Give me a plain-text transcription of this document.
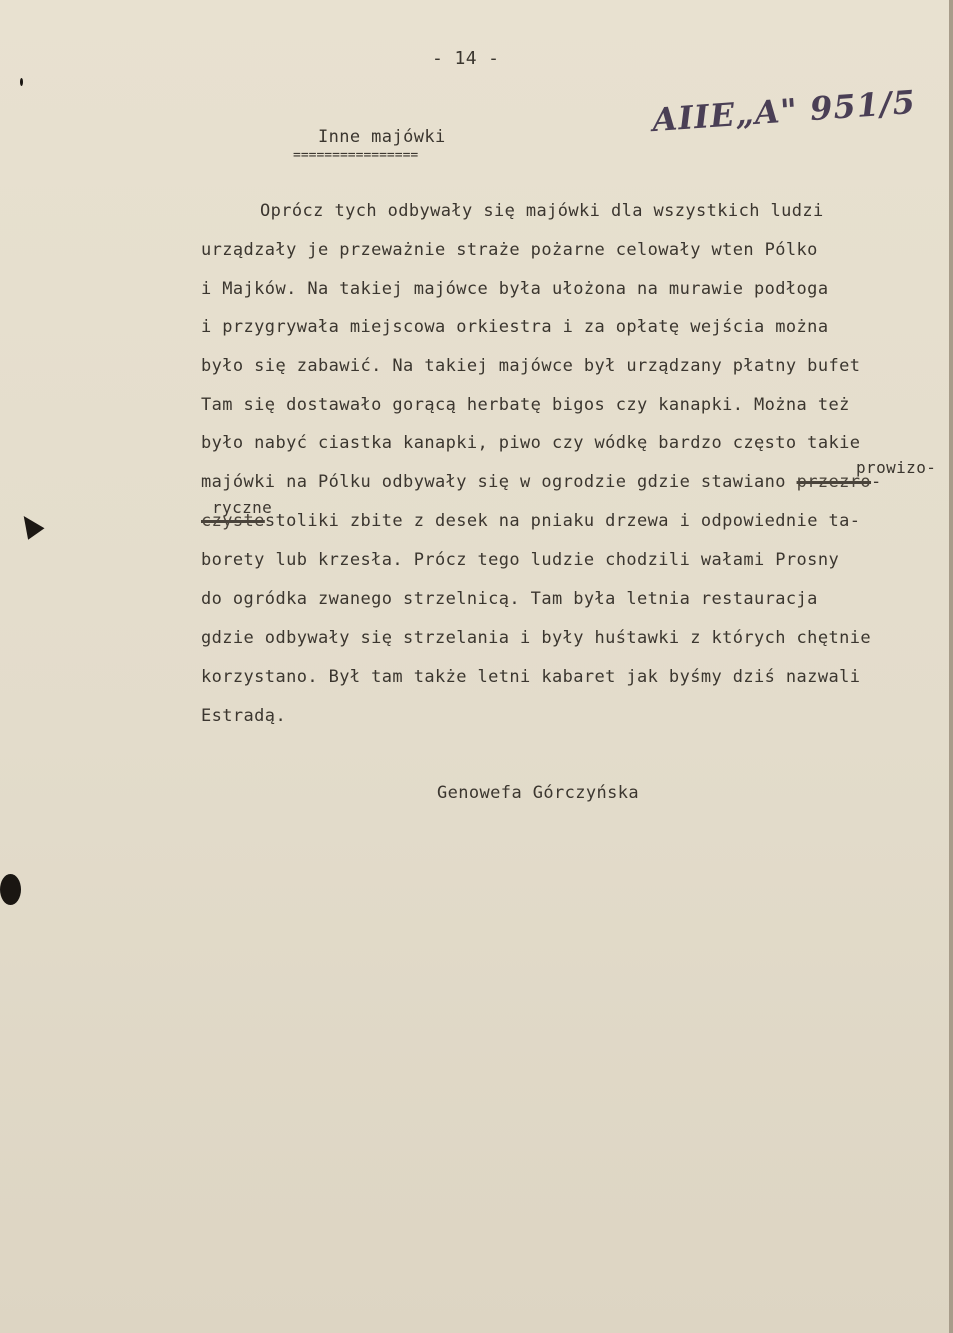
- 14 -
AIIE„A" 951/5
Inne majówki
================
Oprócz tych odbywały się majówki dla wszystkich ludzi
urządzały je przeważnie straże pożarne celowały wten Pólko
i Majków. Na takiej majówce była ułożona na murawie podłoga
i przygrywała miejscowa orkiestra i za opłatę wejścia można
było się zabawić. Na takiej majówce był urządzany płatny bufet
Tam się dostawało gorącą herbatę bigos czy kanapki. Można też
było nabyć ciastka kanapki, piwo czy wódkę bardzo często takie
prowizo-
majówki na Pólku odbywały się w ogrodzie gdzie stawiano przezro-
ryczne
czystestoliki zbite z desek na pniaku drzewa i odpowiednie ta-
borety lub krzesła. Prócz tego ludzie chodzili wałami Prosny
do ogródka zwanego strzelnicą. Tam była letnia restauracja
gdzie odbywały się strzelania i były huśtawki z których chętnie
korzystano. Był tam także letni kabaret jak byśmy dziś nazwali
Estradą.
Genowefa Górczyńska
